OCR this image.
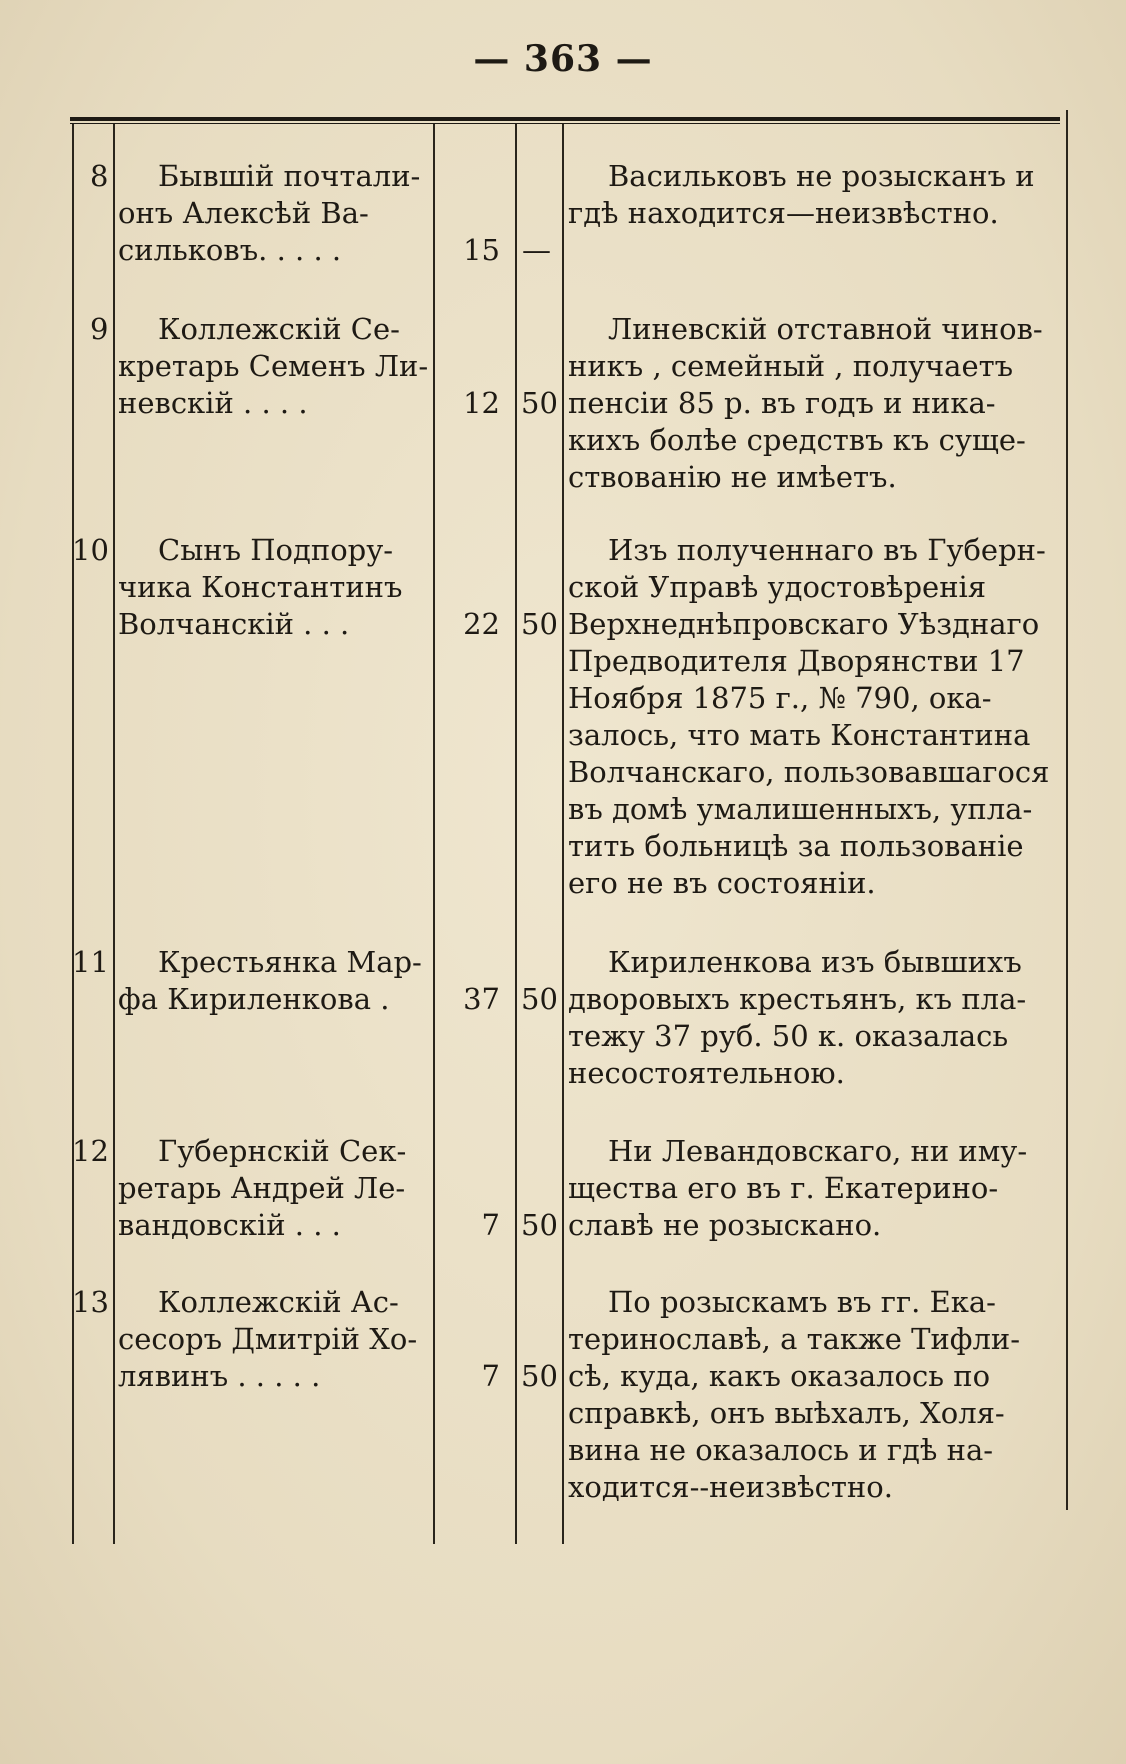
— 363 —
8	Бывшій почтали-
онъ Алексѣй Ва-
сильковъ. . . . .	15 —
Васильковъ не розысканъ и
гдѣ находится—неизвѣстно.
9	Коллежскій Се-
кретарь Семенъ Ли-
невскій . . . .	12 50
Линевскій отставной чинов-
никъ , семейный , получаетъ
пенсіи 85 р. въ годъ и ника-
кихъ болѣе средствъ къ суще-
ствованію не имѣетъ.
10	Сынъ Подпору-
чика Константинъ
Волчанскій . . .	22 50
Изъ полученнаго въ Губерн-
ской Управѣ удостовѣренія
Верхнеднѣпровскаго Уѣзднаго
Предводителя Дворянстви 17
Ноября 1875 г., № 790, ока-
залось, что мать Константина
Волчанскаго, пользовавшагося
въ домѣ умалишенныхъ, упла-
тить больницѣ за пользованіе
его не въ состояніи.
11	Крестьянка Мар-
фа Кириленкова .	37 50
Кириленкова изъ бывшихъ
дворовыхъ крестьянъ, къ пла-
тежу 37 руб. 50 к. оказалась
несостоятельною.
12	Губернскій Сек-
ретарь Андрей Ле-
вандовскій . . .	7 50
Ни Левандовскаго, ни иму-
щества его въ г. Екатерино-
славѣ не розыскано.
13	Коллежскій Ас-
сесоръ Дмитрій Хо-
лявинъ . . . . .	7 50
По розыскамъ въ гг. Ека-
теринославѣ, а также Тифли-
сѣ, куда, какъ оказалось по
справкѣ, онъ выѣхалъ, Холя-
вина не оказалось и гдѣ на-
ходится--неизвѣстно.
